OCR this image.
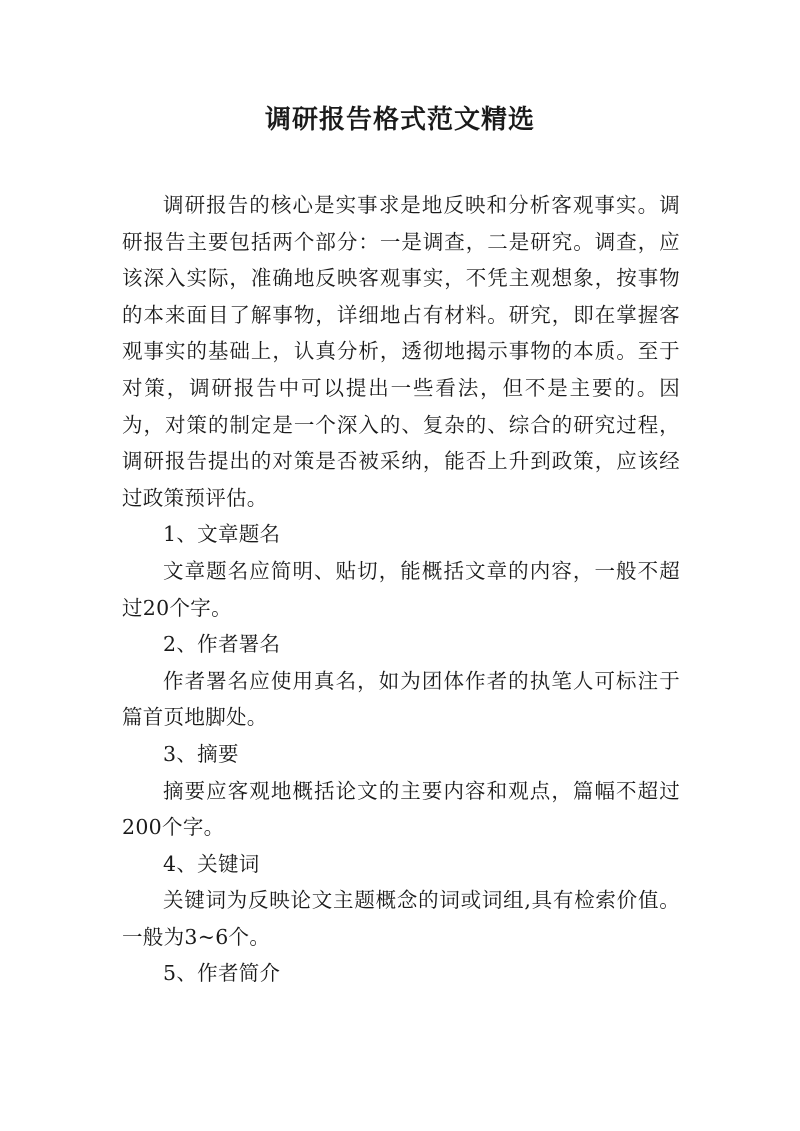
调研报告格式范文精选

调研报告的核心是实事求是地反映和分析客观事实。调研报告主要包括两个部分：一是调查，二是研究。调查，应该深入实际，准确地反映客观事实，不凭主观想象，按事物的本来面目了解事物，详细地占有材料。研究，即在掌握客观事实的基础上，认真分析，透彻地揭示事物的本质。至于对策，调研报告中可以提出一些看法，但不是主要的。因为，对策的制定是一个深入的、复杂的、综合的研究过程，调研报告提出的对策是否被采纳，能否上升到政策，应该经过政策预评估。

1、文章题名

文章题名应简明、贴切，能概括文章的内容，一般不超过20个字。

2、作者署名

作者署名应使用真名，如为团体作者的执笔人可标注于篇首页地脚处。

3、摘要

摘要应客观地概括论文的主要内容和观点，篇幅不超过200个字。

4、关键词

关键词为反映论文主题概念的词或词组,具有检索价值。一般为3~6个。

5、作者简介
